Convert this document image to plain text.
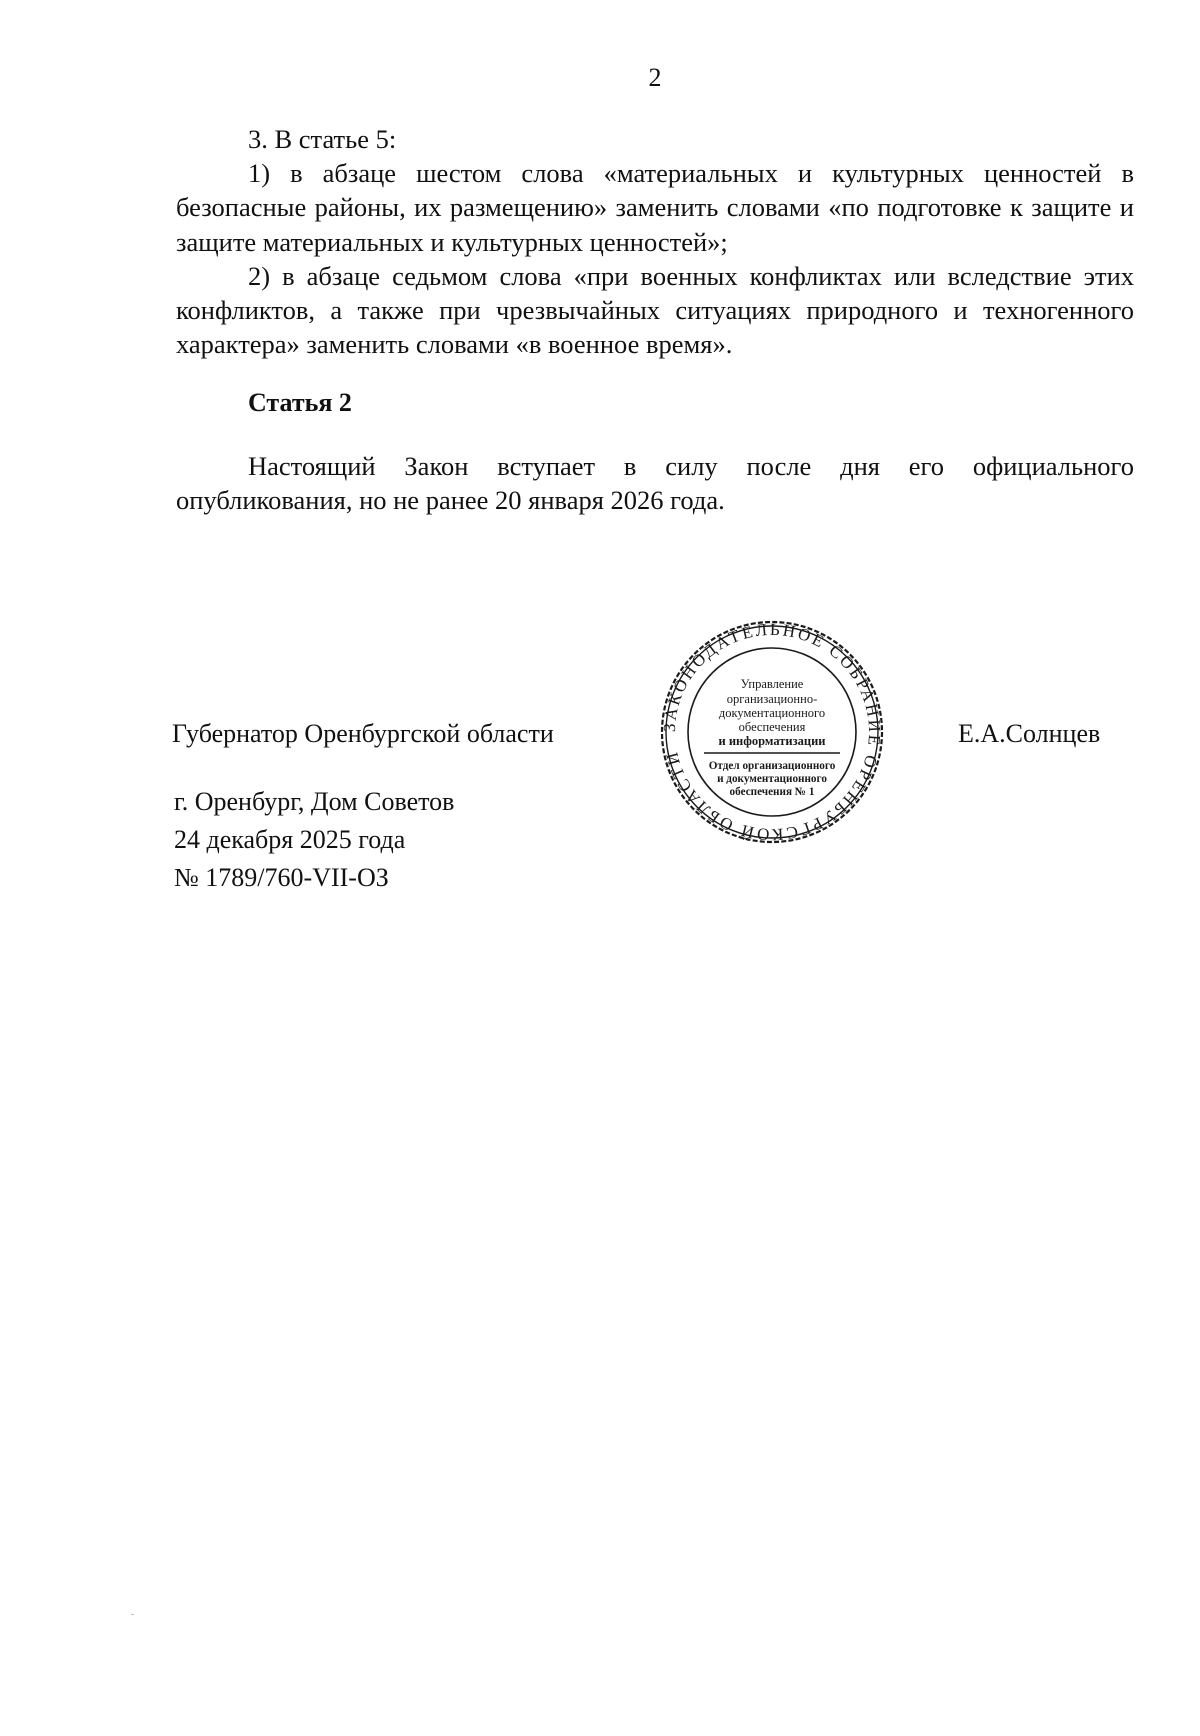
2

3. В статье 5:

1) в абзаце шестом слова «материальных и культурных ценностей в безопасные районы, их размещению» заменить словами «по подготовке к защите и защите материальных и культурных ценностей»;

2) в абзаце седьмом слова «при военных конфликтах или вследствие этих конфликтов, а также при чрезвычайных ситуациях природного и техногенного характера» заменить словами «в военное время».

Статья 2

Настоящий Закон вступает в силу после дня его официального опубликования, но не ранее 20 января 2026 года.

Губернатор Оренбургской области	ЗАКОНОДАТЕЛЬНОЕ СОБРАНИЕ ОРЕНБУРГСКОЙ ОБЛАСТИ
Управление
организационно-
документационного
обеспечения
и информатизации
Отдел организационного
и документационного
обеспечения № 1
Е.А.Солнцев
г. Оренбург, Дом Советов
24 декабря 2025 года
№ 1789/760-VII-ОЗ
